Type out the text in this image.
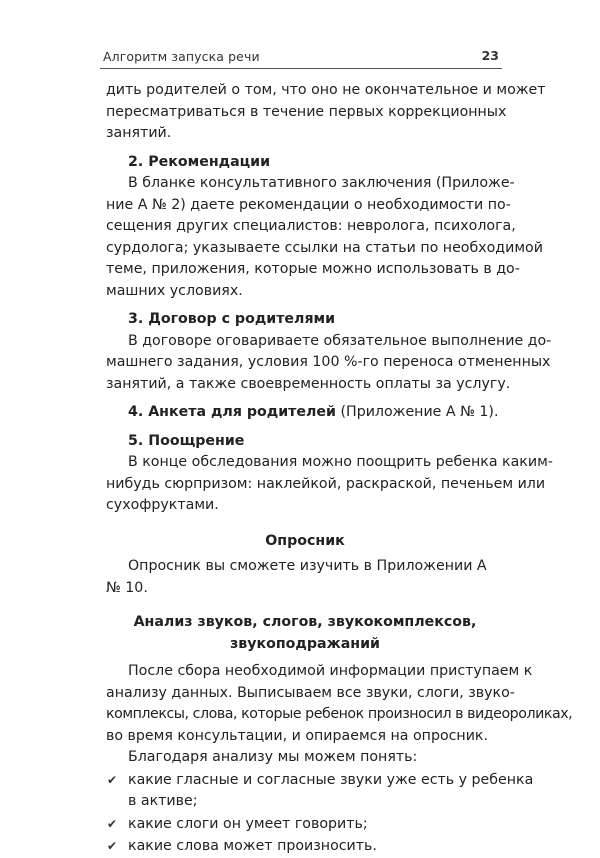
Алгоритм запуска речи	23

дить родителей о том, что оно не окончательное и может
пересматриваться в течение первых коррекционных
занятий.

2. Рекомендации

В бланке консультативного заключения (Приложе-
ние А № 2) даете рекомендации о необходимости по-
сещения других специалистов: невролога, психолога,
сурдолога; указываете ссылки на статьи по необходимой
теме, приложения, которые можно использовать в до-
машних условиях.

3. Договор с родителями

В договоре оговариваете обязательное выполнение до-
машнего задания, условия 100 %-го переноса отмененных
занятий, а также своевременность оплаты за услугу.

4. Анкета для родителей (Приложение А № 1).

5. Поощрение

В конце обследования можно поощрить ребенка каким-
нибудь сюрпризом: наклейкой, раскраской, печеньем или
сухофруктами.

Опросник

Опросник вы сможете изучить в Приложении А № 10.

Анализ звуков, слогов, звукокомплексов,
звукоподражаний

После сбора необходимой информации приступаем к
анализу данных. Выписываем все звуки, слоги, звуко-
комплексы, слова, которые ребенок произносил в видеороликах,
во время консультации, и опираемся на опросник.

Благодаря анализу мы можем понять:

✔ какие гласные и согласные звуки уже есть у ребенка
в активе;
✔ какие слоги он умеет говорить;
✔ какие слова может произносить.
